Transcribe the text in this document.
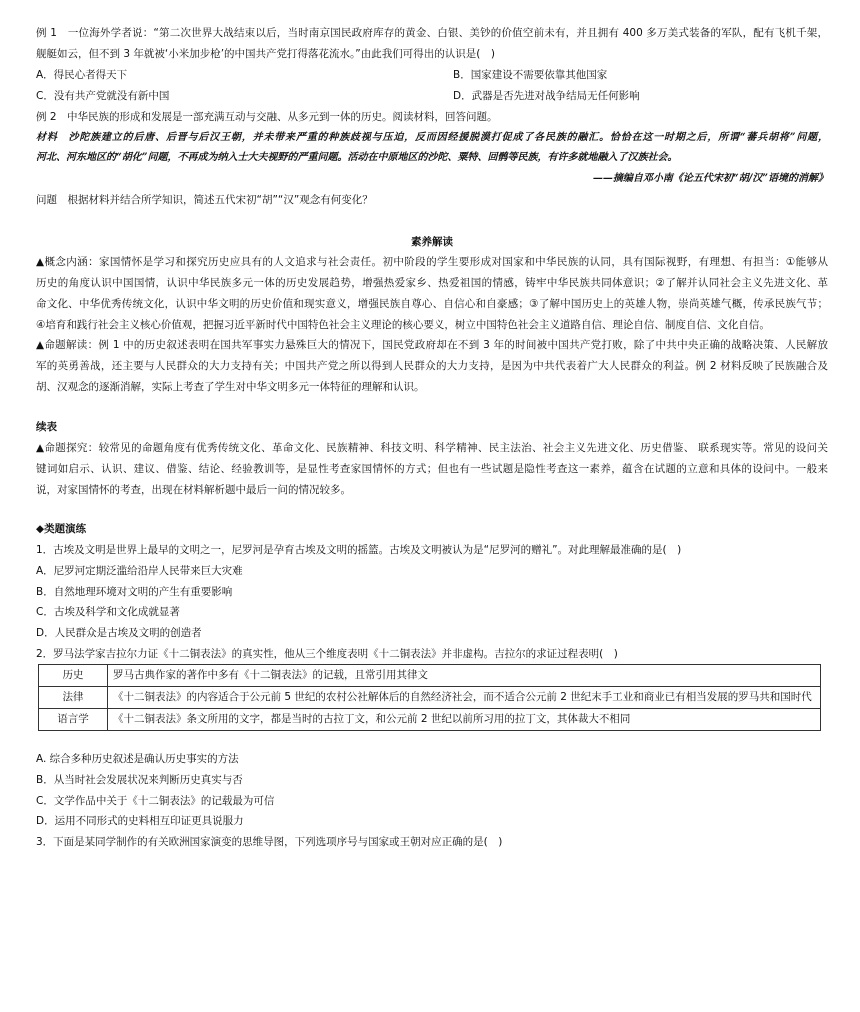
例 1　一位海外学者说：“第二次世界大战结束以后，当时南京国民政府库存的黄金、白银、美钞的价值空前未有，并且拥有 400 多万美式装备的军队，配有飞机千架，
舰艇如云，但不到 3 年就被‘小米加步枪’的中国共产党打得落花流水。”由此我们可得出的认识是(　)
A．得民心者得天下	B．国家建设不需要依靠其他国家
C．没有共产党就没有新中国	D．武器是否先进对战争结局无任何影响
例 2　中华民族的形成和发展是一部充满互动与交融、从多元到一体的历史。阅读材料，回答问题。
材料　沙陀族建立的后唐、后晋与后汉王朝，并未带来严重的种族歧视与压迫，反而因经援脱漠打促成了各民族的融汇。恰恰在这一时期之后，所谓“蕃兵胡将”问题，
河北、河东地区的“胡化”问题，不再成为纳入士大夫视野的严重问题。活动在中原地区的沙陀、粟特、回鹘等民族，有许多就地融入了汉族社会。
——摘编自邓小南《论五代宋初“胡/汉”语境的消解》
问题　根据材料并结合所学知识，简述五代宋初“胡”“汉”观念有何变化？
素养解读
▲概念内涵：家国情怀是学习和探究历史应具有的人文追求与社会责任。初中阶段的学生要形成对国家和中华民族的认同，具有国际视野，有理想、有担当：①能够从
历史的角度认识中国国情，认识中华民族多元一体的历史发展趋势，增强热爱家乡、热爱祖国的情感，铸牢中华民族共同体意识；②了解并认同社会主义先进文化、革
命文化、中华优秀传统文化，认识中华文明的历史价值和现实意义，增强民族自尊心、自信心和自豪感；③了解中国历史上的英雄人物，崇尚英雄气概，传承民族气节；
④培育和践行社会主义核心价值观，把握习近平新时代中国特色社会主义理论的核心要义，树立中国特色社会主义道路自信、理论自信、制度自信、文化自信。
▲命题解读：例 1 中的历史叙述表明在国共军事实力悬殊巨大的情况下，国民党政府却在不到 3 年的时间被中国共产党打败，除了中共中央正确的战略决策、人民解放
军的英勇善战，还主要与人民群众的大力支持有关；中国共产党之所以得到人民群众的大力支持，是因为中共代表着广大人民群众的利益。例 2 材料反映了民族融合及
胡、汉观念的逐渐消解，实际上考查了学生对中华文明多元一体特征的理解和认识。
续表
▲命题探究：较常见的命题角度有优秀传统文化、革命文化、民族精神、科技文明、科学精神、民主法治、社会主义先进文化、历史借鉴、 联系现实等。常见的设问关
键词如启示、认识、建议、借鉴、结论、经验教训等，是显性考查家国情怀的方式；但也有一些试题是隐性考查这一素养，蕴含在试题的立意和具体的设问中。一般来
说，对家国情怀的考查，出现在材料解析题中最后一问的情况较多。
◆类题演练
1．古埃及文明是世界上最早的文明之一，尼罗河是孕育古埃及文明的摇篮。古埃及文明被认为是“尼罗河的赠礼”。对此理解最准确的是(　)
A．尼罗河定期泛滥给沿岸人民带来巨大灾难
B．自然地理环境对文明的产生有重要影响
C．古埃及科学和文化成就显著
D．人民群众是古埃及文明的创造者
2．罗马法学家吉拉尔力证《十二铜表法》的真实性，他从三个维度表明《十二铜表法》并非虚构。吉拉尔的求证过程表明(　)
历史	罗马古典作家的著作中多有《十二铜表法》的记载，且常引用其律文
法律	《十二铜表法》的内容适合于公元前 5 世纪的农村公社解体后的自然经济社会，而不适合公元前 2 世纪末手工业和商业已有相当发展的罗马共和国时代
语言学	《十二铜表法》条文所用的文字，都是当时的古拉丁文，和公元前 2 世纪以前所习用的拉丁文，其体裁大不相同
A. 综合多种历史叙述是确认历史事实的方法
B．从当时社会发展状况来判断历史真实与否
C．文学作品中关于《十二铜表法》的记载最为可信
D．运用不同形式的史料相互印证更具说服力
3．下面是某同学制作的有关欧洲国家演变的思维导图，下列选项序号与国家或王朝对应正确的是(　)
